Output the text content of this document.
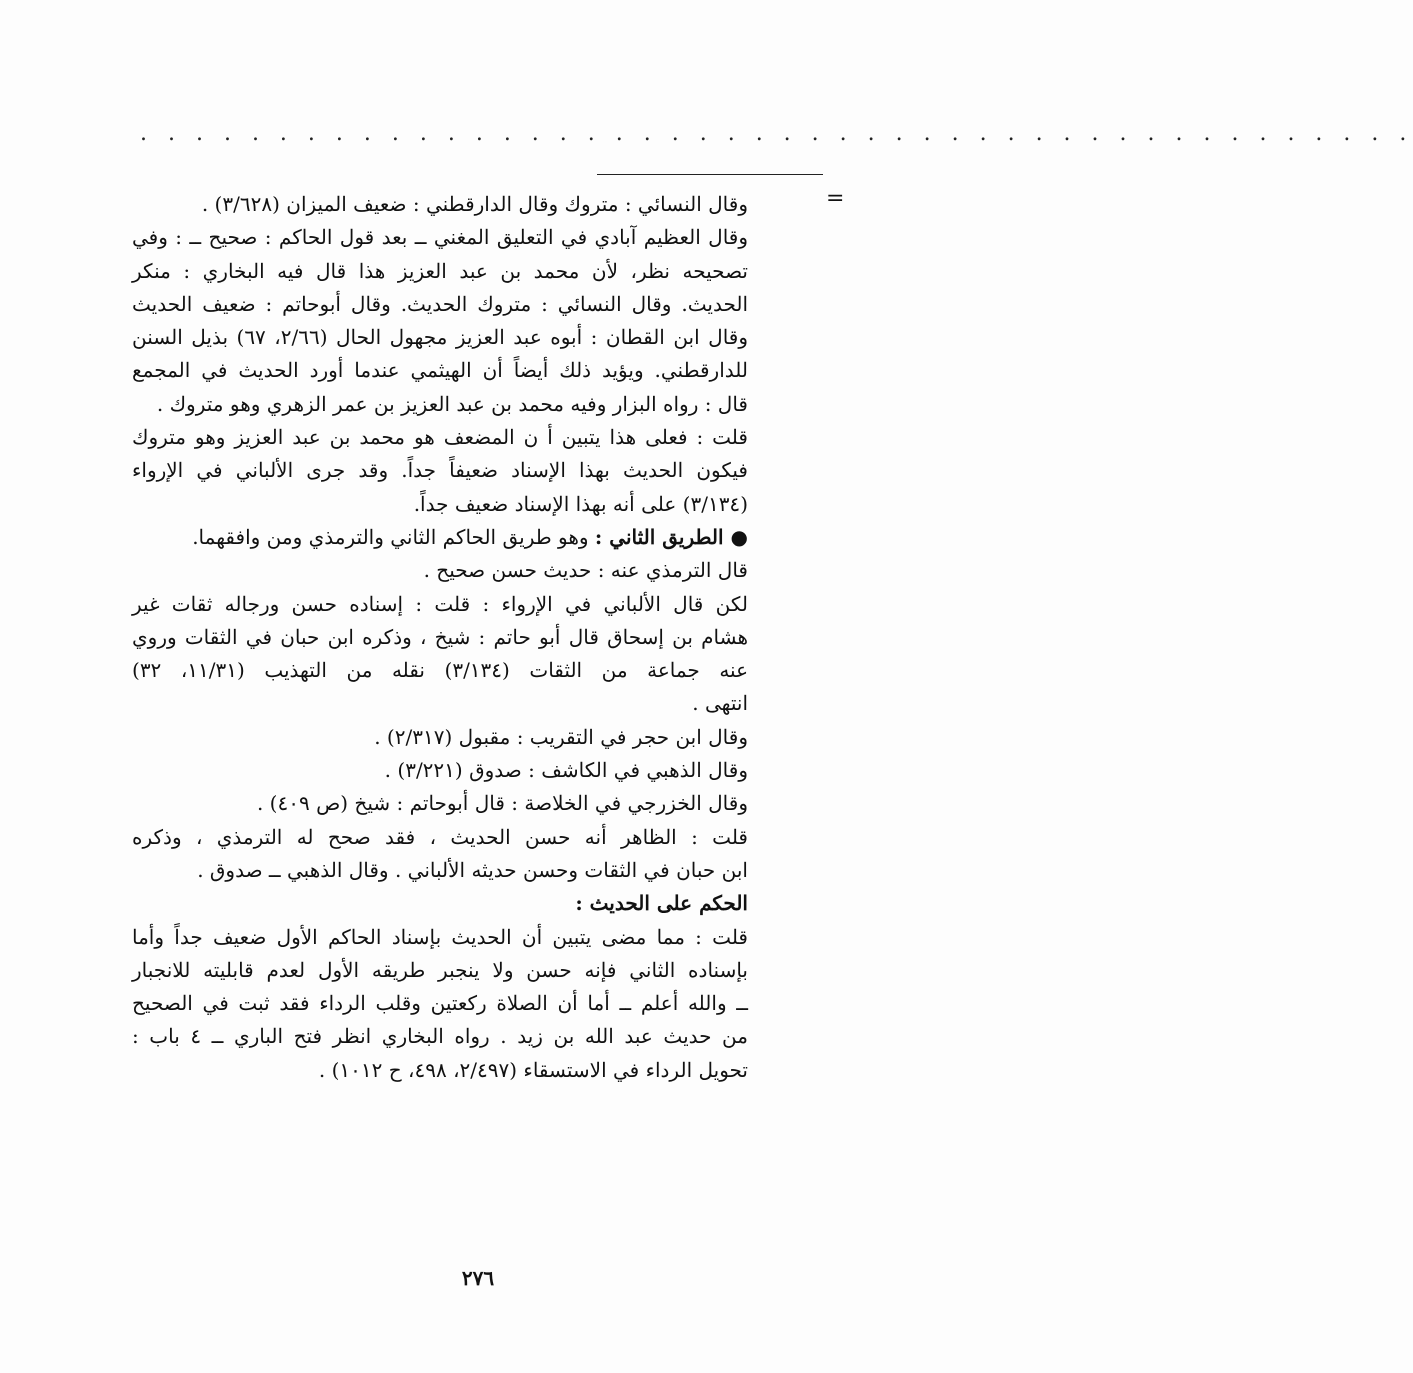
. . . . . . . . . . . . . . . . . . . . . . . . . . . . . . . . . . . . . . . . . . . . . .
=
وقال النسائي : متروك وقال الدارقطني : ضعيف الميزان (٣/٦٢٨) .
وقال العظيم آبادي في التعليق المغني ــ بعد قول الحاكم : صحيح ــ : وفي
تصحيحه نظر، لأن محمد بن عبد العزيز هذا قال فيه البخاري : منكر
الحديث. وقال النسائي : متروك الحديث. وقال أبوحاتم : ضعيف الحديث
وقال ابن القطان : أبوه عبد العزيز مجهول الحال (٢/٦٦، ٦٧) بذيل السنن
للدارقطني. ويؤيد ذلك أيضاً أن الهيثمي عندما أورد الحديث في المجمع
قال : رواه البزار وفيه محمد بن عبد العزيز بن عمر الزهري وهو متروك .
قلت : فعلى هذا يتبين أ ن المضعف هو محمد بن عبد العزيز وهو متروك
فيكون الحديث بهذا الإسناد ضعيفاً جداً. وقد جرى الألباني في الإرواء
(٣/١٣٤) على أنه بهذا الإسناد ضعيف جداً.
● الطريق الثاني : وهو طريق الحاكم الثاني والترمذي ومن وافقهما.
قال الترمذي عنه : حديث حسن صحيح .
لكن قال الألباني في الإرواء : قلت : إسناده حسن ورجاله ثقات غير
هشام بن إسحاق قال أبو حاتم : شيخ ، وذكره ابن حبان في الثقات وروي
عنه جماعة من الثقات (٣/١٣٤) نقله من التهذيب (١١/٣١، ٣٢)
انتهى .
وقال ابن حجر في التقريب : مقبول (٢/٣١٧) .
وقال الذهبي في الكاشف : صدوق (٣/٢٢١) .
وقال الخزرجي في الخلاصة : قال أبوحاتم : شيخ (ص ٤٠٩) .
قلت : الظاهر أنه حسن الحديث ، فقد صحح له الترمذي ، وذكره
ابن حبان في الثقات وحسن حديثه الألباني . وقال الذهبي ــ صدوق .
الحكم على الحديث :
قلت : مما مضى يتبين أن الحديث بإسناد الحاكم الأول ضعيف جداً وأما
بإسناده الثاني فإنه حسن ولا ينجبر طريقه الأول لعدم قابليته للانجبار
ــ والله أعلم ــ أما أن الصلاة ركعتين وقلب الرداء فقد ثبت في الصحيح
من حديث عبد الله بن زيد . رواه البخاري انظر فتح الباري ــ ٤ باب :
تحويل الرداء في الاستسقاء (٢/٤٩٧، ٤٩٨، ح ١٠١٢) .
٢٧٦
